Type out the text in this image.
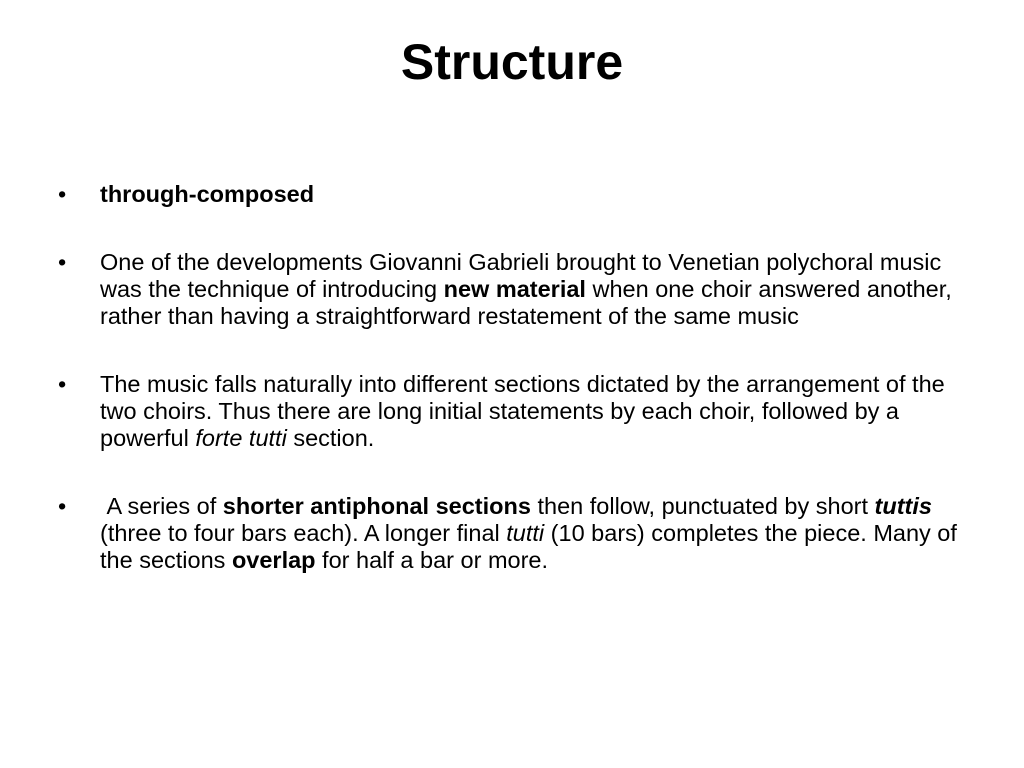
Structure
•	through-composed
•	One of the developments Giovanni Gabrieli brought to Venetian polychoral music was the technique of introducing new material when one choir answered another, rather than having a straightforward restatement of the same music
•	The music falls naturally into different sections dictated by the arrangement of the two choirs. Thus there are long initial statements by each choir, followed by a powerful forte tutti section.
•	A series of shorter antiphonal sections then follow, punctuated by short tuttis (three to four bars each). A longer final tutti (10 bars) completes the piece. Many of the sections overlap for half a bar or more.
